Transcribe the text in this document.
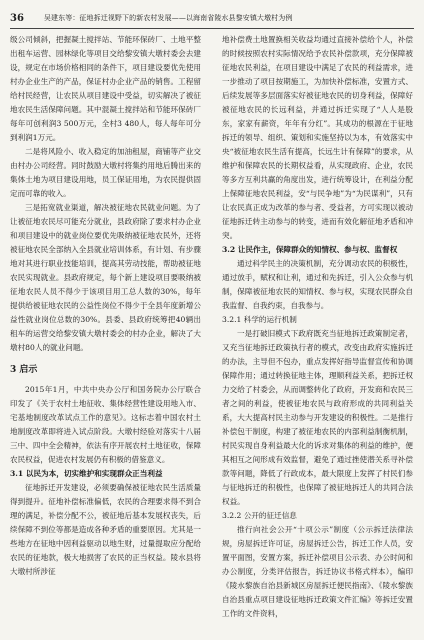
36	吴建东等：征地拆迁视野下的新农村发展——以海南省陵水县黎安镇大墩村为例

级公司倾斜，把握凝土搅拌站、节能环保砖厂、土地平整出租车运营、园林绿化等项目交给黎安镇大墩村委会去建设，规定在市场价格相同的条件下，项目建设要优先使用村办企业生产的产品，保证村办企业产品的销售。工程留给村民经营，让农民从项目建设中受益，切实解决了被征地农民生活保障问题。其中混凝土搅拌站和节能环保砖厂每年可创利润3 500万元，全村3 480人，每人每年可分到利润1万元。

二是将风险小、收入稳定的加油租屋，商铺等产业交由村办公司经营。同时鼓励大墩村将集约用地后腾出来的集体土地为项目建设用地，员工保证用地，为农民提供固定而可靠的收入。

三是拓宽就业渠道，解决被征地农民就业问题。为了让被征地农民尽可能充分就业，县政府除了要求村办企业和项目建设中的就业岗位要优先吸纳被征地农民外，还将被征地农民全部纳入全县就业培训体系，有计划、有步骤地对其进行职业技能培训，提高其劳动技能，帮助被征地农民实现就业。县政府规定，每个新上建设项目要吸纳被征地农民人员不得少于该项目用工总人数的30%，每年提供给被征地农民的公益性岗位不得少于全县年度新增公益性就业岗位总数的30%。县委、县政府统筹把40辆出租车的运营交给黎安镇大墩村委会的村办企业，解决了大墩村80人的就业问题。

3 启示

2015年1月，中共中央办公厅和国务院办公厅联合印发了《关于农村土地征收、集体经营性建设用地入市、宅基地制度改革试点工作的意见》。这标志着中国农村土地制度改革即将进入试点阶段。大墩村经验对落实十八届三中、四中全会精神，依法有序开展农村土地征收，保障农民权益，促进农村发展仍有积极的借鉴意义。

3.1 以民为本，切实维护和实现群众正当利益

征地拆迁开发建设，必须要确保被征地农民生活质量得到提升。征地补偿标准偏低，农民的合理要求得不到合理的满足，补偿分配不公，被征地后基本发展权丧失，后续保障不到位等都是造成各种矛盾的重要原因。尤其是一些地方在征地中因利益驱动以地生财，过量提取应分配给农民的征地款，极大地损害了农民的正当权益。陵水县将大墩村所涉征

地补偿费土地置换相关收益均通过直接补偿给个人，补偿的时候按照农村实际情况给予农民补偿款项，充分保障被征地农民利益，在项目建设中满足了农民的利益需求，进一步推动了项目按期施工，为加快补偿标准，安置方式、后续发展等多层面落实好被征地农民的切身利益，保障好被征地农民的长远利益，并通过拆迁实现了“人人是股东，家家有薪资，年年有分红”。其成功的根源在于征地拆迁的领导、组织、策划和实施坚持以为本，有效落实中央“被征地农民生活有提高，长远生计有保障”的要求，从维护和保障农民的长期权益看，从实现政府、企业，农民等多方互利共赢的角度出发，进行统筹设计，在利益分配上保障征地农民利益，安“与民争地”为“为民谋利”，只有让农民真正成为改革的参与者、受益者，方可实现以被动征地拆迁转主动参与的转变，进而有效化解征地矛盾和冲突。

3.2 让民作主，保障群众的知情权、参与权、监督权

通过科学民主的决策机制，充分调动农民的积极性，通过放手，赋权和让利，通过和先拆迁，引入公众参与机制，保障被征地农民的知情权、参与权，实现农民群众自我监督、自我约束，自我参与。

3.2.1 科学的运行机制

一是打破旧模式下政府既充当征地拆迁政策制定者，又充当征地拆迁政策执行者的模式，改变由政府实施拆迁的办法，主导但不包办，重点发挥好指导监督宣传和协调保障作用；通过转换征地主体，理顺利益关系，把拆迁权力交给了村委会，从而调整转化了政府，开发商和农民三者之间的利益，使被征地农民与政府形成的共同利益关系，大大提高村民主动参与开发建设的积极性。二是推行补偿包干制度，构建了被征地农民的内部利益制衡机制，村民实现自身利益最大化的诉求对集体的利益的维护，便其相互之间形成有效监督，避免了通过挫使潜关系寻补偿款等问题，降低了行政成本，最大限度上发挥了村民们参与征地拆迁的积极性，也保障了被征地拆迁人的共同合法权益。

3.2.2 公开的征迁信息

推行向社会公开“十项公示”制度（公示拆迁法律法规，房屋拆迁许可证，房屋拆迁公告，拆迁工作人员，安置平面图，安置方案，拆迁补偿项目公示表、办公时间和办公制度，分类评估报告，拆迁协议书格式样本），编印《陵水黎族自治县新城区房屋拆迁便民指南》、《陵水黎族自治县重点项目建设征地拆迁政策文件汇编》等拆迁安置工作的文件资料，
